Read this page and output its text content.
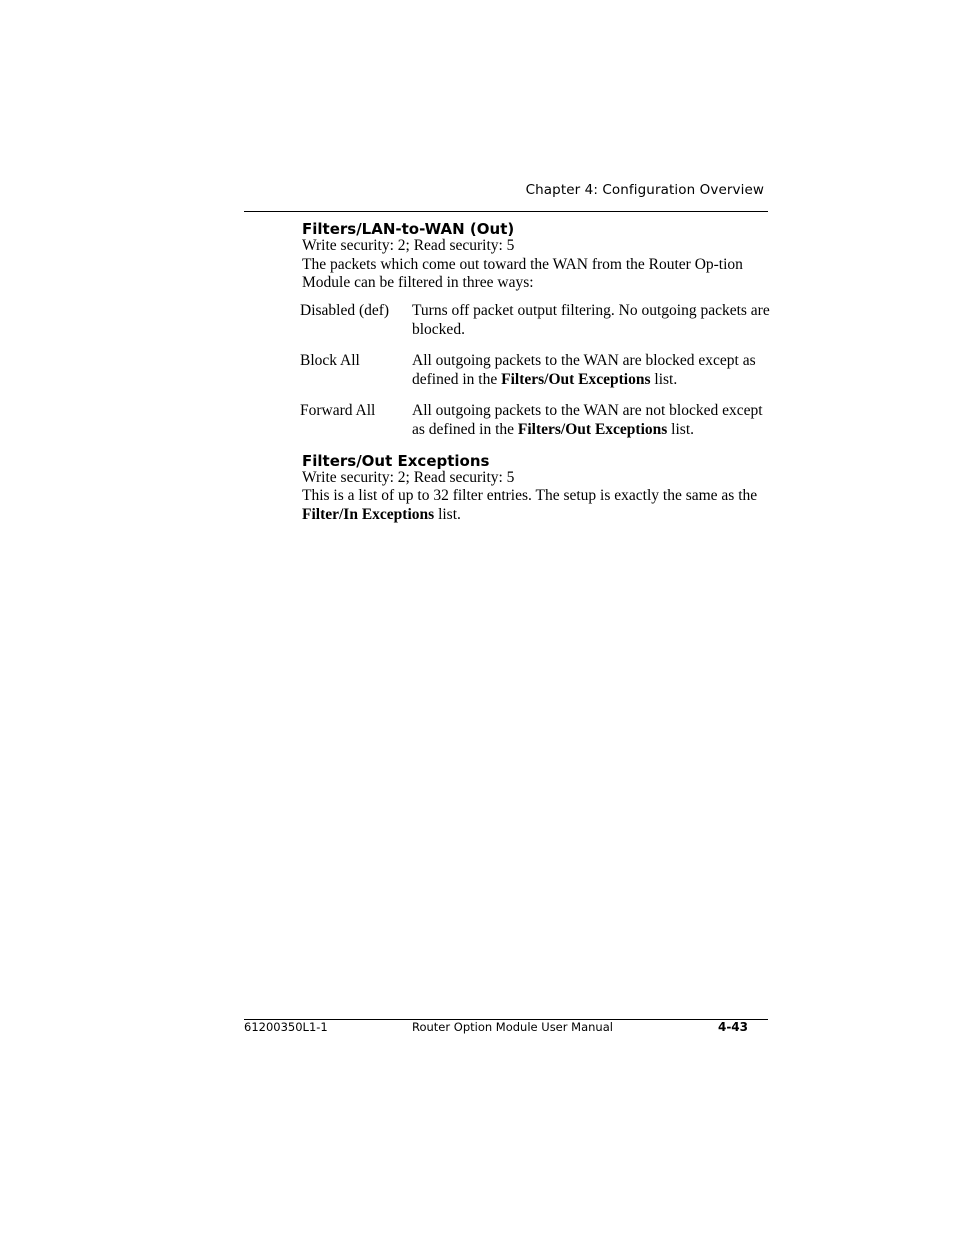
Chapter 4: Configuration Overview
Filters/LAN-to-WAN (Out)

Write security: 2; Read security: 5

The packets which come out toward the WAN from the Router Op-tion Module can be filtered in three ways:

Disabled (def)	Turns off packet output filtering. No outgoing packets are blocked.
Block All	All outgoing packets to the WAN are blocked except as defined in the Filters/Out Exceptions list.
Forward All	All outgoing packets to the WAN are not blocked except as defined in the Filters/Out Exceptions list.
Filters/Out Exceptions

Write security: 2; Read security: 5

This is a list of up to 32 filter entries. The setup is exactly the same as the Filter/In Exceptions list.

61200350L1-1	Router Option Module User Manual	4-43
